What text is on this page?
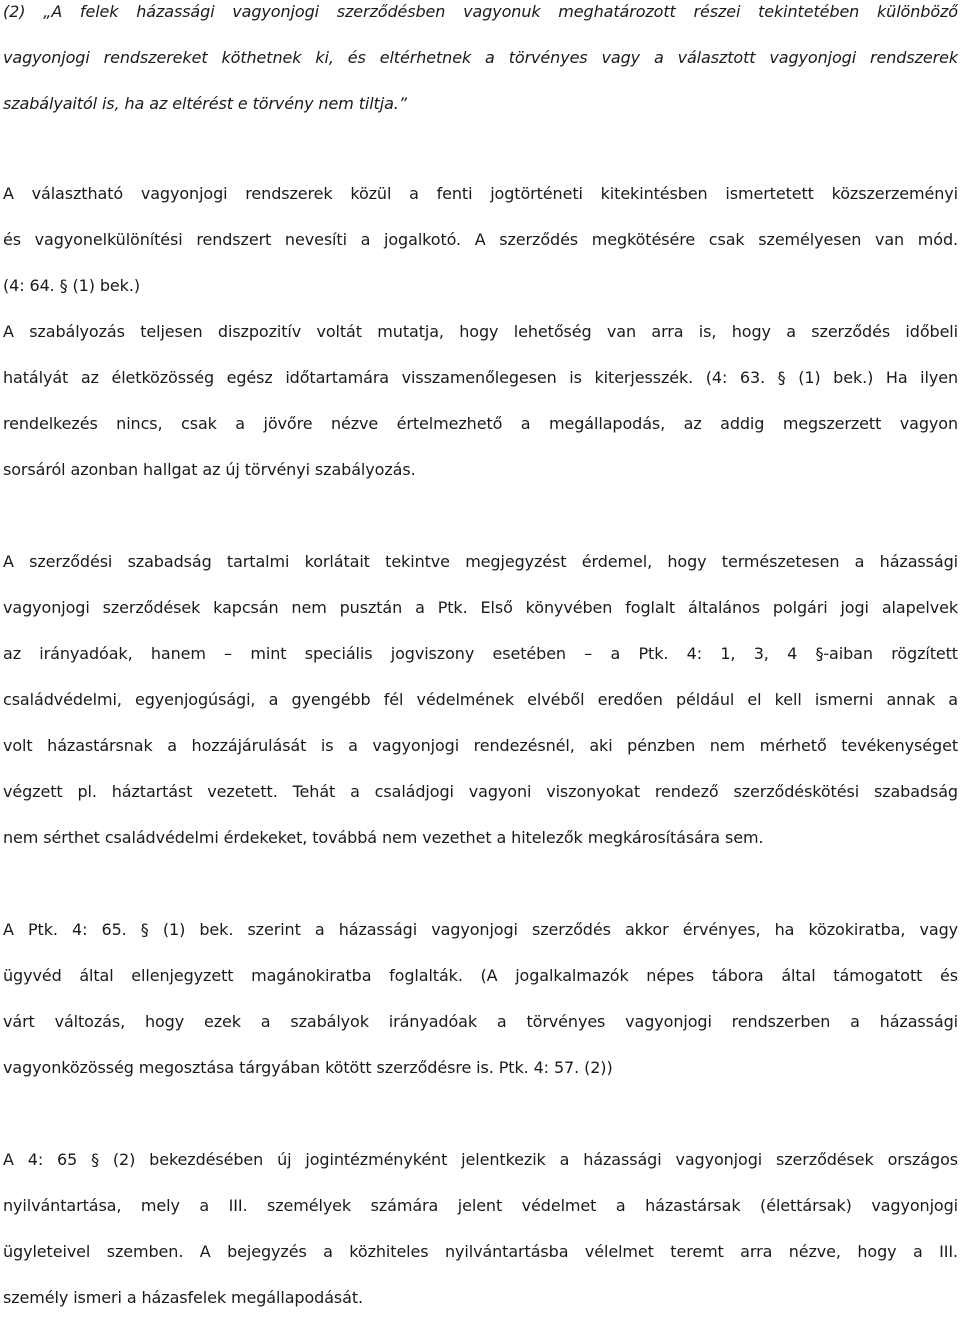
(2) „A felek házassági vagyonjogi szerződésben vagyonuk meghatározott részei tekintetében különböző
vagyonjogi rendszereket köthetnek ki, és eltérhetnek a törvényes vagy a választott vagyonjogi rendszerek
szabályaitól is, ha az eltérést e törvény nem tiltja.”

A választható vagyonjogi rendszerek közül a fenti jogtörténeti kitekintésben ismertetett közszerzeményi
és vagyonelkülönítési rendszert nevesíti a jogalkotó. A szerződés megkötésére csak személyesen van mód.
(4: 64. § (1) bek.)
A szabályozás teljesen diszpozitív voltát mutatja, hogy lehetőség van arra is, hogy a szerződés időbeli
hatályát az életközösség egész időtartamára visszamenőlegesen is kiterjesszék. (4: 63. § (1) bek.) Ha ilyen
rendelkezés nincs, csak a jövőre nézve értelmezhető a megállapodás, az addig megszerzett vagyon
sorsáról azonban hallgat az új törvényi szabályozás.

A szerződési szabadság tartalmi korlátait tekintve megjegyzést érdemel, hogy természetesen a házassági
vagyonjogi szerződések kapcsán nem pusztán a Ptk. Első könyvében foglalt általános polgári jogi alapelvek
az irányadóak, hanem – mint speciális jogviszony esetében – a Ptk. 4: 1, 3, 4 §-aiban rögzített
családvédelmi, egyenjogúsági, a gyengébb fél védelmének elvéből eredően például el kell ismerni annak a
volt házastársnak a hozzájárulását is a vagyonjogi rendezésnél, aki pénzben nem mérhető tevékenységet
végzett pl. háztartást vezetett. Tehát a családjogi vagyoni viszonyokat rendező szerződéskötési szabadság
nem sérthet családvédelmi érdekeket, továbbá nem vezethet a hitelezők megkárosítására sem.

A Ptk. 4: 65. § (1) bek. szerint a házassági vagyonjogi szerződés akkor érvényes, ha közokiratba, vagy
ügyvéd által ellenjegyzett magánokiratba foglalták. (A jogalkalmazók népes tábora által támogatott és
várt változás, hogy ezek a szabályok irányadóak a törvényes vagyonjogi rendszerben a házassági
vagyonközösség megosztása tárgyában kötött szerződésre is. Ptk. 4: 57. (2))

A 4: 65 § (2) bekezdésében új jogintézményként jelentkezik a házassági vagyonjogi szerződések országos
nyilvántartása, mely a III. személyek számára jelent védelmet a házastársak (élettársak) vagyonjogi
ügyleteivel szemben. A bejegyzés a közhiteles nyilvántartásba vélelmet teremt arra nézve, hogy a III.
személy ismeri a házasfelek megállapodását.
